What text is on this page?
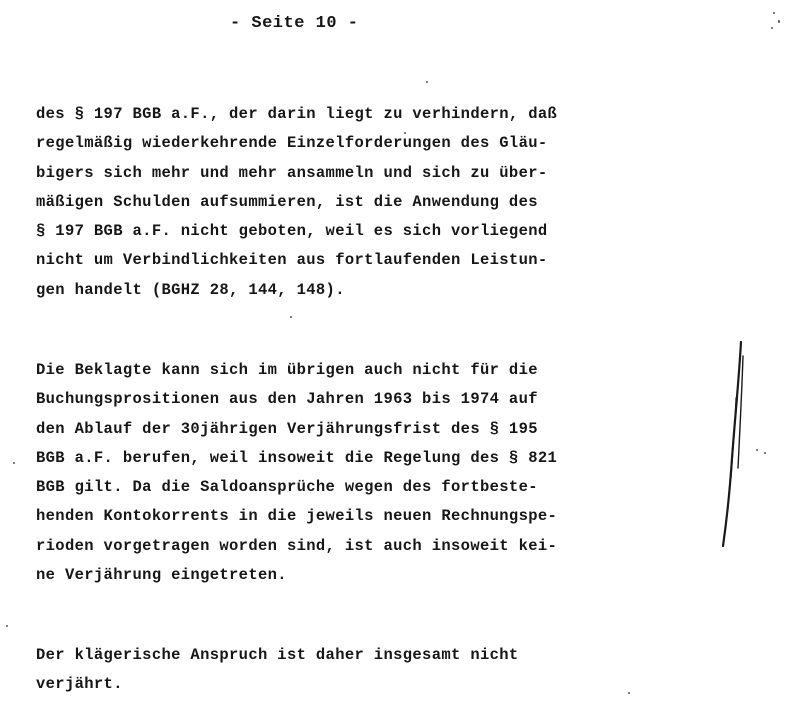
- Seite 10 -
des § 197 BGB a.F., der darin liegt zu verhindern, daß
regelmäßig wiederkehrende Einzelforderungen des Gläu-
bigers sich mehr und mehr ansammeln und sich zu über-
mäßigen Schulden aufsummieren, ist die Anwendung des
§ 197 BGB a.F. nicht geboten, weil es sich vorliegend
nicht um Verbindlichkeiten aus fortlaufenden Leistun-
gen handelt (BGHZ 28, 144, 148).
Die Beklagte kann sich im übrigen auch nicht für die
Buchungsprositionen aus den Jahren 1963 bis 1974 auf
den Ablauf der 30jährigen Verjährungsfrist des § 195
BGB a.F. berufen, weil insoweit die Regelung des § 821
BGB gilt. Da die Saldoansprüche wegen des fortbeste-
henden Kontokorrents in die jeweils neuen Rechnungspe-
rioden vorgetragen worden sind, ist auch insoweit kei-
ne Verjährung eingetreten.
Der klägerische Anspruch ist daher insgesamt nicht
verjährt.
